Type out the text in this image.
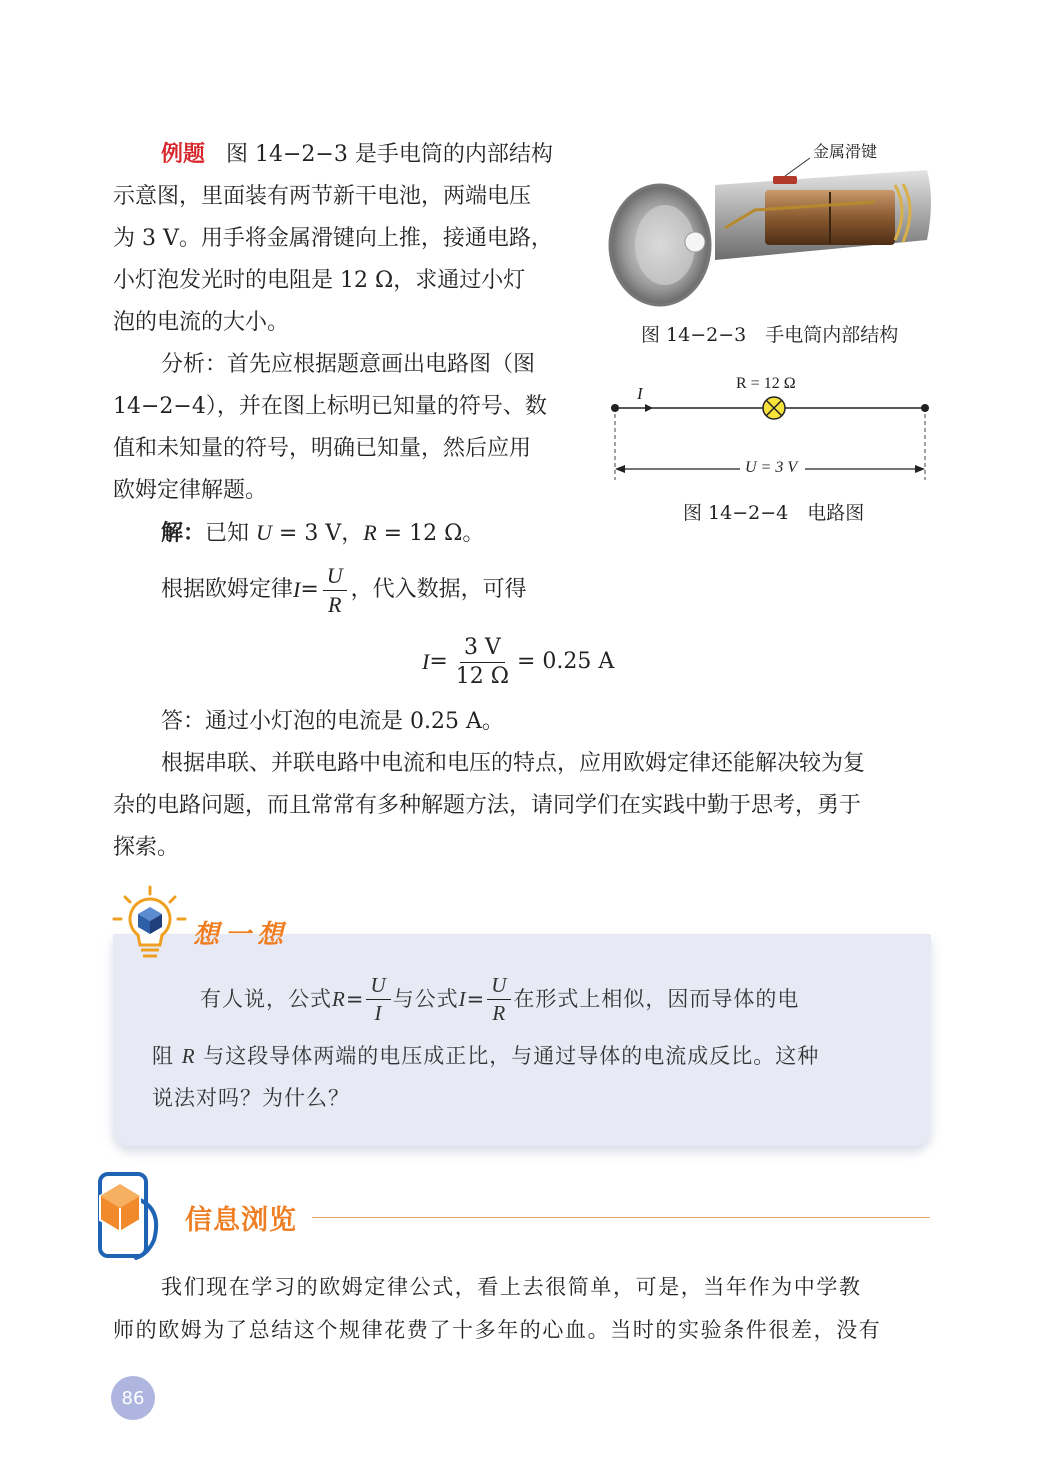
例题 图 14−2−3 是手电筒的内部结构

示意图，里面装有两节新干电池，两端电压

为 3 V。用手将金属滑键向上推，接通电路，

小灯泡发光时的电阻是 12 Ω，求通过小灯

泡的电流的大小。

分析：首先应根据题意画出电路图（图

14−2−4），并在图上标明已知量的符号、数

值和未知量的符号，明确已知量，然后应用

欧姆定律解题。

解：已知 U = 3 V，R = 12 Ω。

根据欧姆定律 $I = \frac{U}{R}$ ，代入数据，可得
$I = \frac{3 V}{12 \Omega} = 0.25$ A

答：通过小灯泡的电流是 0.25 A。

根据串联、并联电路中电流和电压的特点，应用欧姆定律还能解决较为复

杂的电路问题，而且常常有多种解题方法，请同学们在实践中勤于思考，勇于

探索。

金属滑键
图 14−2−3　手电筒内部结构
I
R = 12 Ω
U = 3 V
图 14−2−4　电路图
想一想
有人说，公式 $R = \frac{U}{I}$ 与公式 $I = \frac{U}{R}$ 在形式上相似，因而导体的电
阻 R 与这段导体两端的电压成正比，与通过导体的电流成反比。这种
说法对吗？为什么？
信息浏览
我们现在学习的欧姆定律公式，看上去很简单，可是，当年作为中学教
师的欧姆为了总结这个规律花费了十多年的心血。当时的实验条件很差，没有
86
